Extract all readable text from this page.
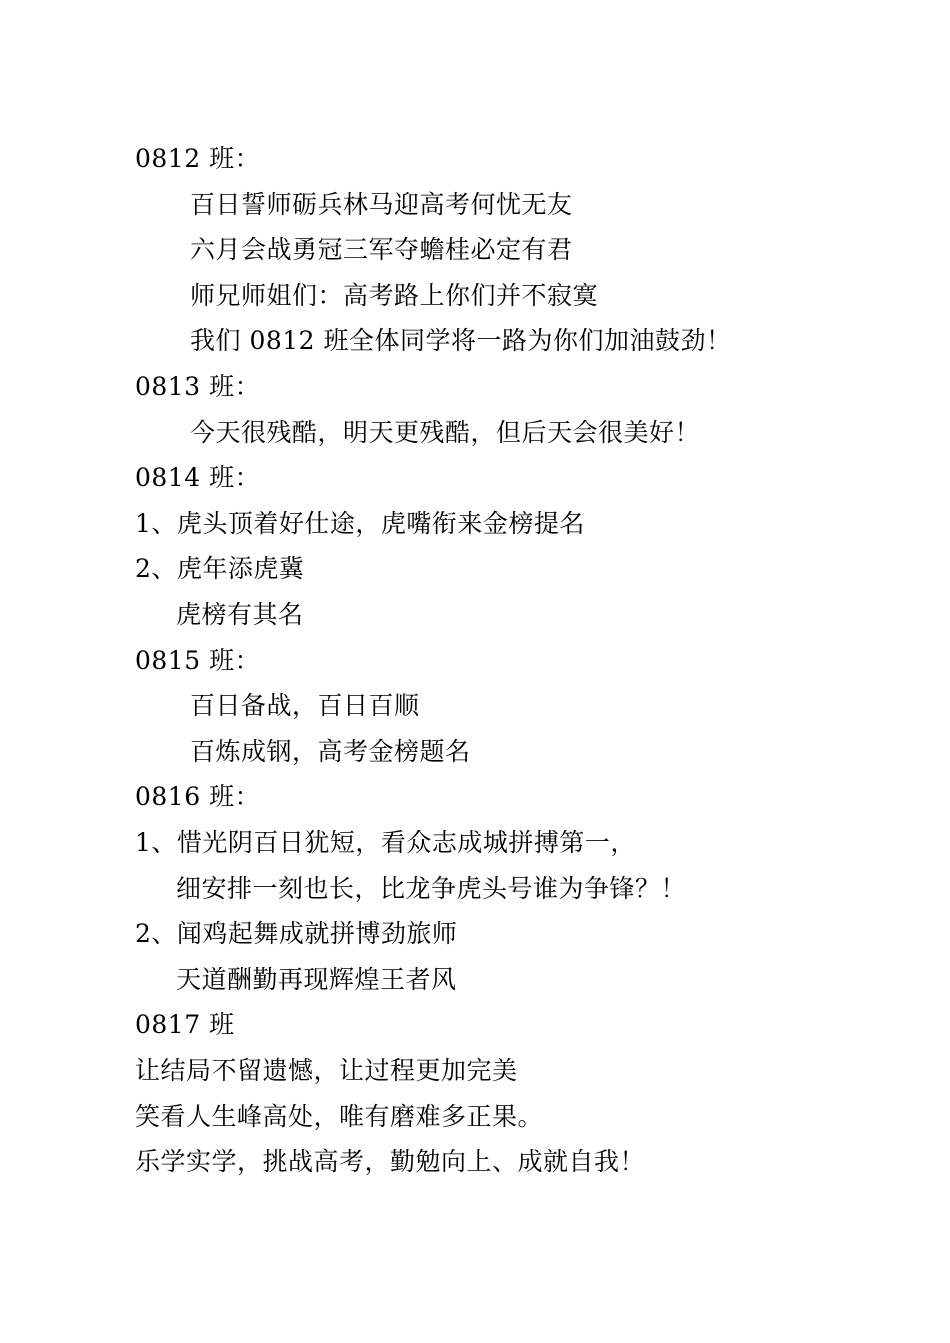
0812 班：
百日誓师砺兵林马迎高考何忧无友
六月会战勇冠三军夺蟾桂必定有君
师兄师姐们：高考路上你们并不寂寞
我们 0812 班全体同学将一路为你们加油鼓劲！
0813 班：
今天很残酷，明天更残酷，但后天会很美好！
0814 班：
1、虎头顶着好仕途，虎嘴衔来金榜提名
2、虎年添虎冀
虎榜有其名
0815 班：
百日备战，百日百顺
百炼成钢，高考金榜题名
0816 班：
1、惜光阴百日犹短，看众志成城拼搏第一，
细安排一刻也长，比龙争虎头号谁为争锋？！
2、闻鸡起舞成就拼博劲旅师
天道酬勤再现辉煌王者风
0817 班
让结局不留遗憾，让过程更加完美
笑看人生峰高处，唯有磨难多正果。
乐学实学，挑战高考，勤勉向上、成就自我！
